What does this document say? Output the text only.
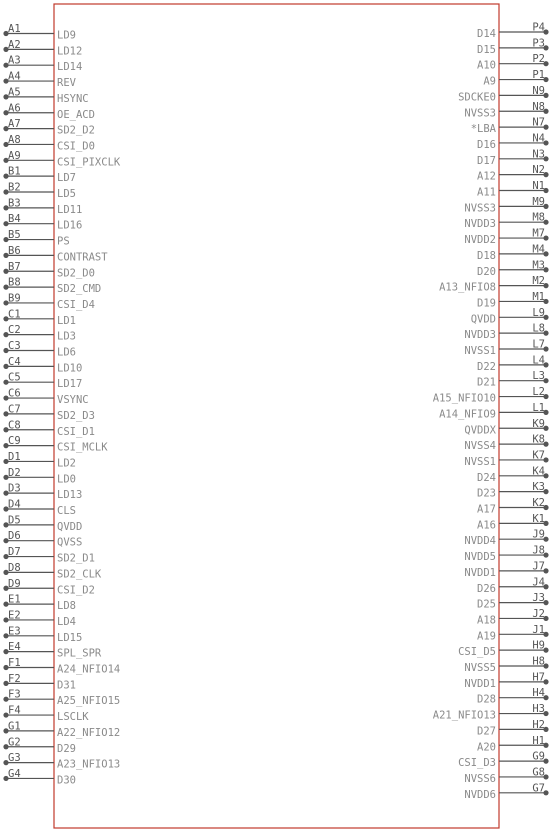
A1
LD9
A2
LD12
A3
LD14
A4
REV
A5
HSYNC
A6
OE_ACD
A7
SD2_D2
A8
CSI_D0
A9
CSI_PIXCLK
B1
LD7
B2
LD5
B3
LD11
B4
LD16
B5
PS
B6
CONTRAST
B7
SD2_D0
B8
SD2_CMD
B9
CSI_D4
C1
LD1
C2
LD3
C3
LD6
C4
LD10
C5
LD17
C6
VSYNC
C7
SD2_D3
C8
CSI_D1
C9
CSI_MCLK
D1
LD2
D2
LD0
D3
LD13
D4
CLS
D5
QVDD
D6
QVSS
D7
SD2_D1
D8
SD2_CLK
D9
CSI_D2
E1
LD8
E2
LD4
E3
LD15
E4
SPL_SPR
F1
A24_NFIO14
F2
D31
F3
A25_NFIO15
F4
LSCLK
G1
A22_NFIO12
G2
D29
G3
A23_NFIO13
G4
D30
P4
D14
P3
D15
P2
A10
P1
A9
N9
SDCKE0
N8
NVSS3
N7
*LBA
N4
D16
N3
D17
N2
A12
N1
A11
M9
NVSS3
M8
NVDD3
M7
NVDD2
M4
D18
M3
D20
M2
A13_NFIO8
M1
D19
L9
QVDD
L8
NVDD3
L7
NVSS1
L4
D22
L3
D21
L2
A15_NFIO10
L1
A14_NFIO9
K9
QVDDX
K8
NVSS4
K7
NVSS1
K4
D24
K3
D23
K2
A17
K1
A16
J9
NVDD4
J8
NVDD5
J7
NVDD1
J4
D26
J3
D25
J2
A18
J1
A19
H9
CSI_D5
H8
NVSS5
H7
NVDD1
H4
D28
H3
A21_NFIO13
H2
D27
H1
A20
G9
CSI_D3
G8
NVSS6
G7
NVDD6
